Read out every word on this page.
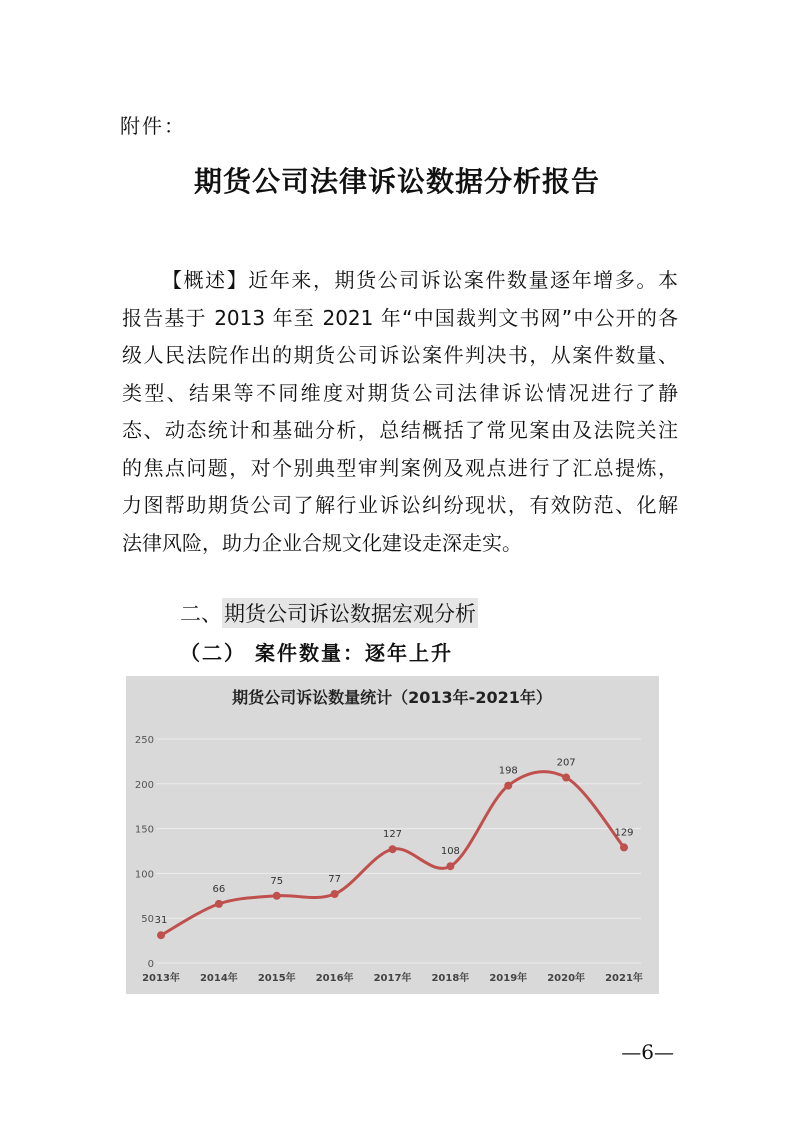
附件：
期货公司法律诉讼数据分析报告
【概述】近年来，期货公司诉讼案件数量逐年增多。本
报告基于 2013 年至 2021 年“中国裁判文书网”中公开的各
级人民法院作出的期货公司诉讼案件判决书，从案件数量、
类型、结果等不同维度对期货公司法律诉讼情况进行了静
态、动态统计和基础分析，总结概括了常见案由及法院关注
的焦点问题，对个别典型审判案例及观点进行了汇总提炼，
力图帮助期货公司了解行业诉讼纠纷现状，有效防范、化解
法律风险，助力企业合规文化建设走深走实。
二、 期货公司诉讼数据宏观分析
（二） 案件数量：逐年上升
期货公司诉讼数量统计（2013年-2021年）
0
50
100
150
200
250
2013年 2014年 2015年 2016年 2017年 2018年 2019年 2020年 2021年
31
66
75	77
127
108
198
207
129
—6—
